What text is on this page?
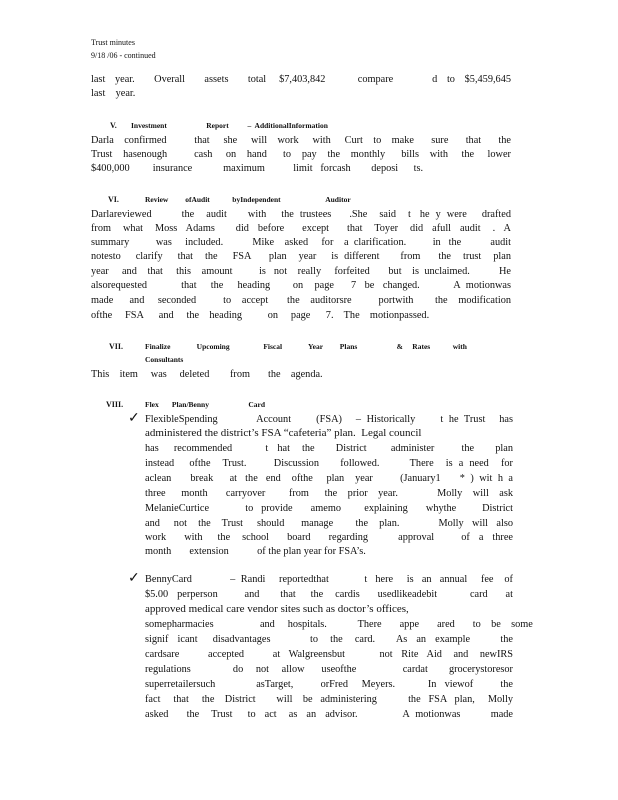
Trust minutes
9/18 /06 - continued
last   year.      Overall      assets      total    $7,403,842          compare            d   to   $5,459,645
last    year.
V. Investment                     Report          –  AdditionalInformation
Darla   confirmed        that    she    will   work    with    Curt   to   make     sure     that     the
Trust    hasenough          cash     on    hand      to    pay    the    monthly      bills    with     the     lower
$400,000         insurance            maximum           limit   forcash        deposi      ts.
VI.	Review         ofAudit            byIndependent                        Auditor
Darlareviewed          the    audit       with     the  trustees      .She    said    t   he  y  were     drafted
from    what    Moss   Adams       did   before      except      that    Toyer    did   afull   audit    .   A
summary          was     included.           Mike    asked     for    a  clarification.          in   the           audit
notesto     clarify     that    the     FSA      plan    year     is  different       from      the    trust    plan
year     and    that     this    amount          is   not    really     forfeited       but    is  unclaimed.           He
alsorequested            that     the     heading        on    page      7   be   changed.            A  motionwas
made      and     seconded          to    accept       the    auditorsre          portwith        the    modification
ofthe     FSA      and     the    heading          on     page      7.    The    motionpassed.
VII.	Finalize              Upcoming                  Fiscal              Year         Plans                     &     Rates            with
Consultants
This    item     was     deleted        from       the    agenda.
VIII.	Flex       Plan/Benny                     Card
✓ FlexibleSpending              Account         (FSA)     –  Historically         t  he  Trust     has
administered the district’s FSA “cafeteria” plan.  Legal council
has     recommended           t   hat    the       District        administer         the       plan
instead     ofthe    Trust.         Discussion       followed.          There    is  a  need    for
aclean       break      at   the   end    ofthe     plan    year          (January1       *  )  wit  h  a
three      month       carryover         from      the    prior    year.               Molly    will    ask
MelanieCurtice              to   provide       amemo         explaining       whythe          District
and     not    the    Trust     should      manage        the    plan.              Molly   will   also
work      with     the    school      board      regarding          approval         of   a   three
month       extension           of the plan year for FSA’s.
✓ BennyCard              –  Randi     reportedthat             t   here     is   an   annual     fee    of
$5.00   perperson         and       that     the    cardis      usedlikeadebit           card      at
approved medical care vendor sites such as doctor’s offices,
somepharmacies                  and     hospitals.            There       appe       ared       to    be    some
signif   icant     disadvantages             to    the    card.       As   an   example          the
cardsare          accepted          at   Walgreensbut            not   Rite   Aid    and    newIRS
regulations          do   not   allow    useofthe           cardat     grocerystoresor
superretailersuch               asTarget,          orFred     Meyers.            In   viewof          the
fact     that     the    District        will    be   administering            the   FSA   plan,     Molly
asked      the    Trust     to   act    as   an   advisor.               A  motionwas          made
